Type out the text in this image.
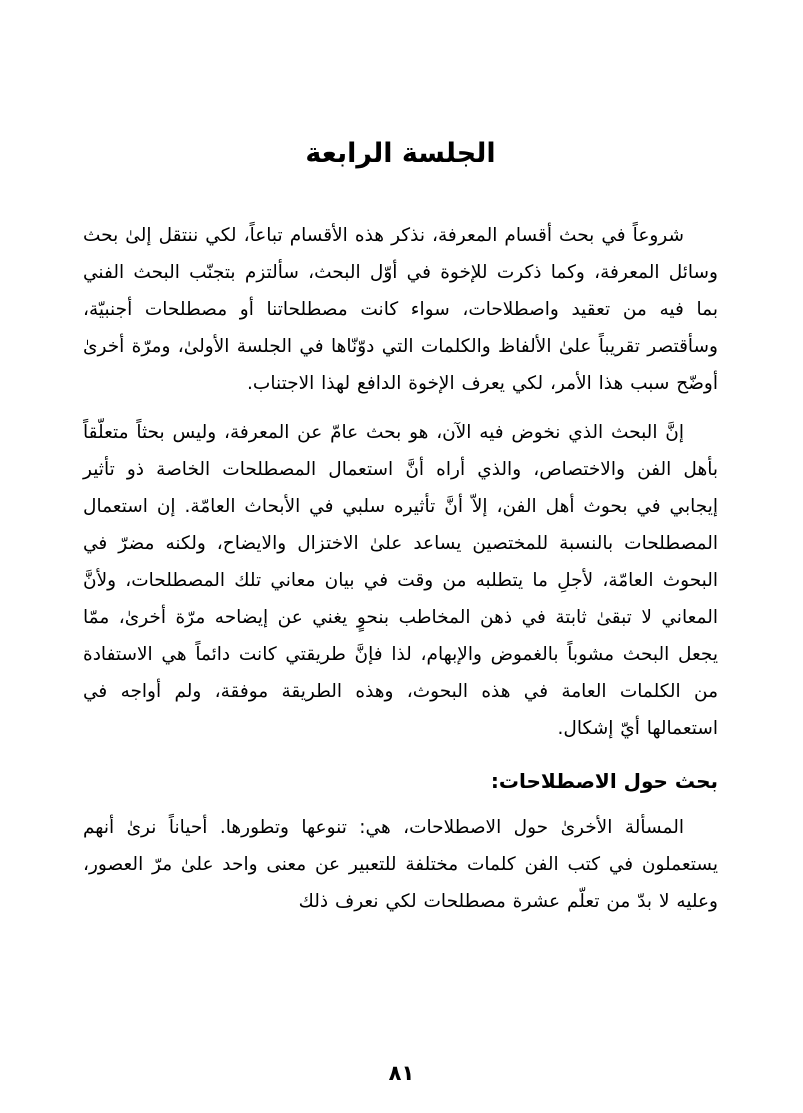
الجلسة الرابعة

شروعاً في بحث أقسام المعرفة، نذكر هذه الأقسام تباعاً، لكي ننتقل إلىٰ بحث وسائل المعرفة، وكما ذكرت للإخوة في أوّل البحث، سألتزم بتجنّب البحث الفني بما فيه من تعقيد واصطلاحات، سواء كانت مصطلحاتنا أو مصطلحات أجنبيّة، وسأقتصر تقريباً علىٰ الألفاظ والكلمات التي دوّنّاها في الجلسة الأولىٰ، ومرّة أخرىٰ أوضّح سبب هذا الأمر، لكي يعرف الإخوة الدافع لهذا الاجتناب.

إنَّ البحث الذي نخوض فيه الآن، هو بحث عامّ عن المعرفة، وليس بحثاً متعلّقاً بأهل الفن والاختصاص، والذي أراه أنَّ استعمال المصطلحات الخاصة ذو تأثير إيجابي في بحوث أهل الفن، إلاّ أنَّ تأثيره سلبي في الأبحاث العامّة. إن استعمال المصطلحات بالنسبة للمختصين يساعد علىٰ الاختزال والايضاح، ولكنه مضرّ في البحوث العامّة، لأجلِ ما يتطلبه من وقت في بيان معاني تلك المصطلحات، ولأنَّ المعاني لا تبقىٰ ثابتة في ذهن المخاطب بنحوٍ يغني عن إيضاحه مرّة أخرىٰ، ممّا يجعل البحث مشوباً بالغموض والإبهام، لذا فإنَّ طريقتي كانت دائماً هي الاستفادة من الكلمات العامة في هذه البحوث، وهذه الطريقة موفقة، ولم أواجه في استعمالها أيّ إشكال.

بحث حول الاصطلاحات:

المسألة الأخرىٰ حول الاصطلاحات، هي: تنوعها وتطورها. أحياناً نرىٰ أنهم يستعملون في كتب الفن كلمات مختلفة للتعبير عن معنى واحد علىٰ مرّ العصور، وعليه لا بدّ من تعلّم عشرة مصطلحات لكي نعرف ذلك

٨١
